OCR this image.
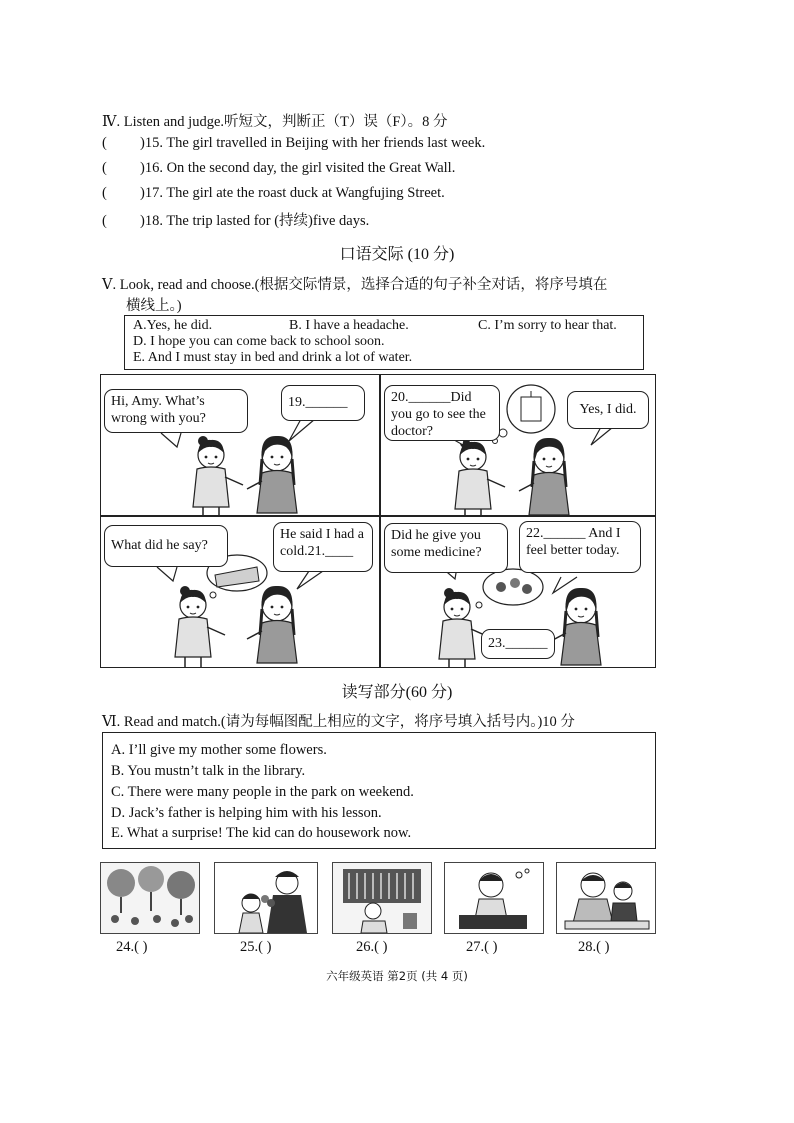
Ⅳ. Listen and judge.听短文，判断正（T）误（F）。8 分
( )15. The girl travelled in Beijing with her friends last week.
( )16. On the second day, the girl visited the Great Wall.
( )17. The girl ate the roast duck at Wangfujing Street.
( )18. The trip lasted for (持续)five days.
口语交际 (10 分)
Ⅴ. Look, read and choose.(根据交际情景，选择合适的句子补全对话，将序号填在
横线上。)
A.Yes, he did.	B. I have a headache.	C. I’m sorry to hear that.
D. I hope you can come back to school soon.
E. And I must stay in bed and drink a lot of water.
Hi, Amy. What’s wrong with you?
19.______	20.______Did you go to see the doctor?
Yes, I did.
What did he say?
He said I had a cold.21.____
Did he give you some medicine?
22.______ And I feel better today.
23.______
读写部分(60 分)
Ⅵ. Read and match.(请为每幅图配上相应的文字，将序号填入括号内。)10 分
A. I’ll give my mother some flowers.
B. You mustn’t talk in the library.
C. There were many people in the park on weekend.
D. Jack’s father is helping him with his lesson.
E. What a surprise! The kid can do housework now.
24.( )	25.( )	26.( )	27.( )	28.( )
六年级英语 第2页 (共 4 页)
